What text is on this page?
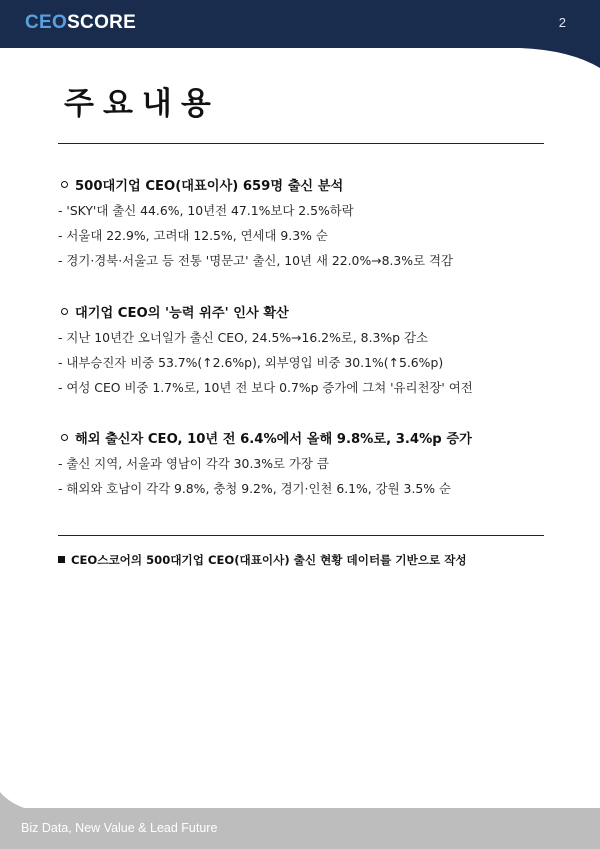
CEOSCORE	2
주요내용
500대기업 CEO(대표이사) 659명 출신 분석
- 'SKY'대 출신 44.6%, 10년전 47.1%보다 2.5%하락
- 서울대 22.9%, 고려대 12.5%, 연세대 9.3% 순
- 경기·경북·서울고 등 전통 '명문고' 출신, 10년 새 22.0%→8.3%로 격감
대기업 CEO의 '능력 위주' 인사 확산
- 지난 10년간 오너일가 출신 CEO, 24.5%→16.2%로, 8.3%p 감소
- 내부승진자 비중 53.7%(↑2.6%p), 외부영입 비중 30.1%(↑5.6%p)
- 여성 CEO 비중 1.7%로, 10년 전 보다 0.7%p 증가에 그쳐 '유리천장' 여전
해외 출신자 CEO, 10년 전 6.4%에서 올해 9.8%로, 3.4%p 증가
- 출신 지역, 서울과 영남이 각각 30.3%로 가장 큼
- 해외와 호남이 각각 9.8%, 충청 9.2%, 경기·인천 6.1%, 강원 3.5% 순
CEO스코어의 500대기업 CEO(대표이사) 출신 현황 데이터를 기반으로 작성
Biz Data, New Value & Lead Future
